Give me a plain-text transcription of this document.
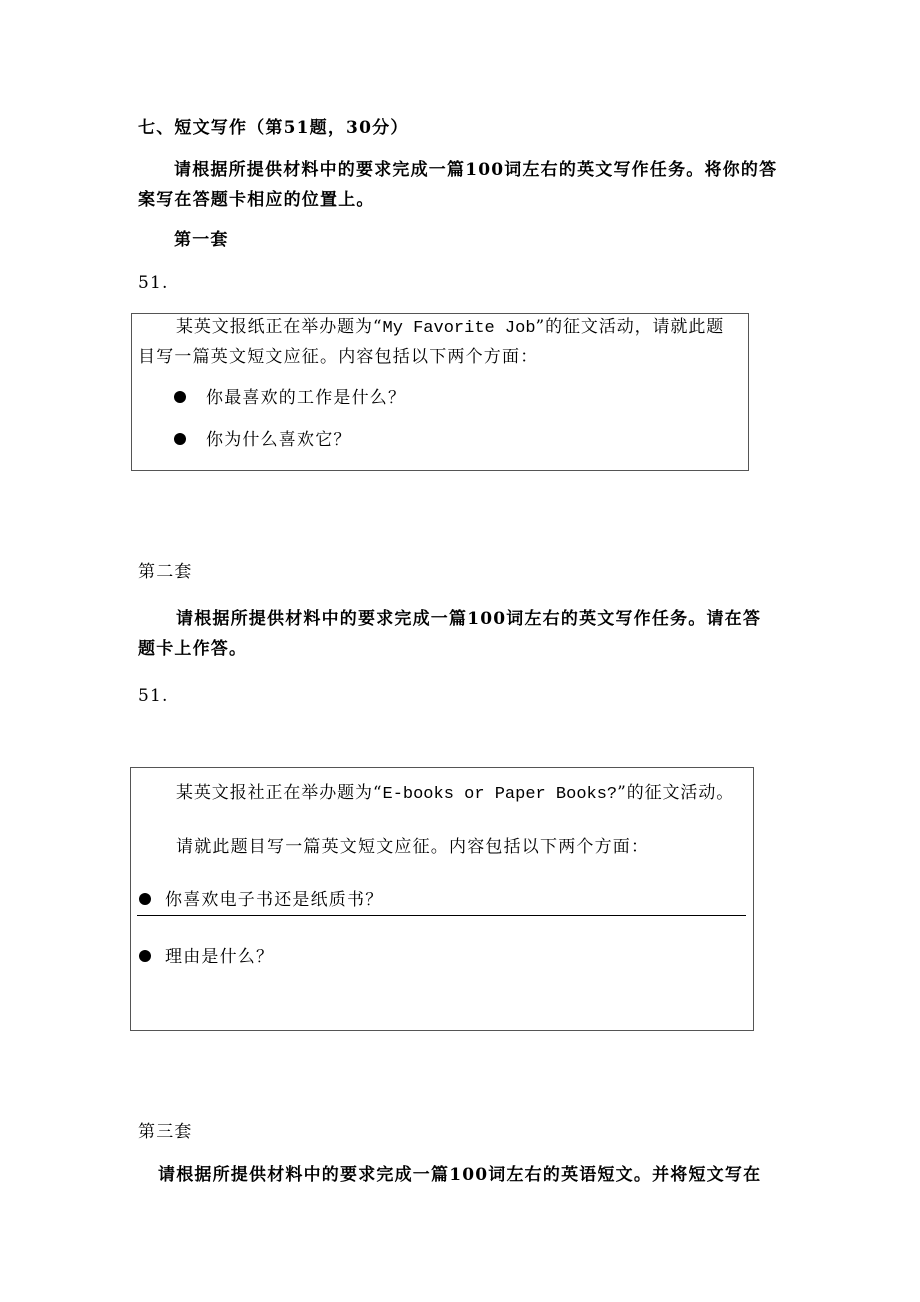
七、短文写作（第51题，30分）
请根据所提供材料中的要求完成一篇100词左右的英文写作任务。将你的答
案写在答题卡相应的位置上。
第一套
51.
某英文报纸正在举办题为“My Favorite Job”的征文活动，请就此题
目写一篇英文短文应征。内容包括以下两个方面：
你最喜欢的工作是什么？
你为什么喜欢它？
第二套
请根据所提供材料中的要求完成一篇100词左右的英文写作任务。请在答
题卡上作答。
51.
某英文报社正在举办题为“E-books or Paper Books?”的征文活动。
请就此题目写一篇英文短文应征。内容包括以下两个方面：
你喜欢电子书还是纸质书？
理由是什么？
第三套
请根据所提供材料中的要求完成一篇100词左右的英语短文。并将短文写在
